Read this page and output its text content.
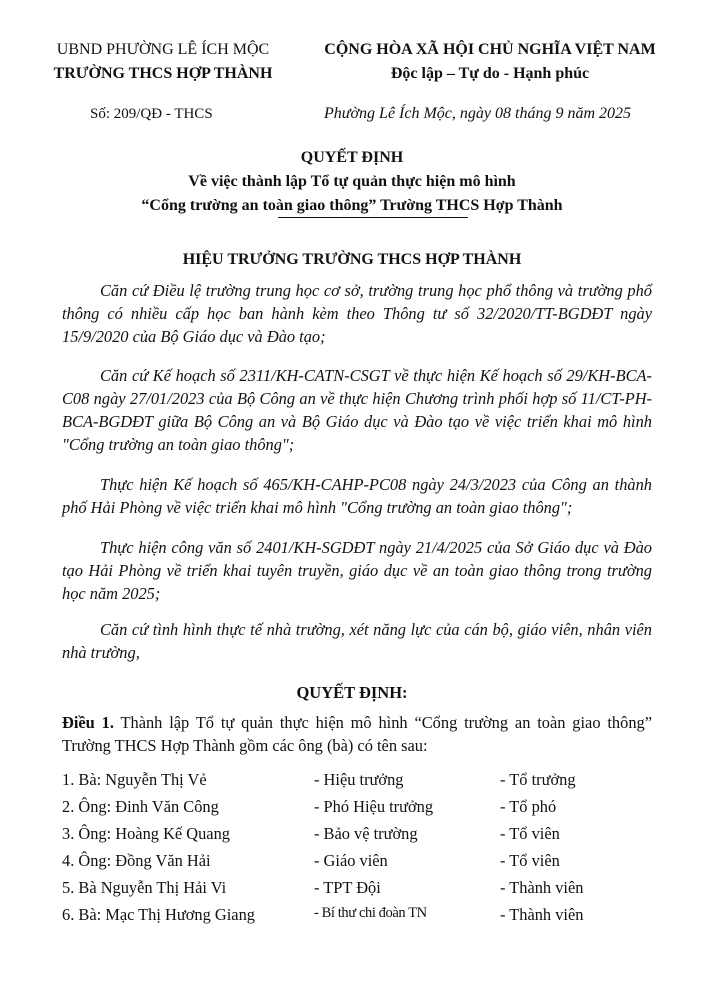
UBND PHƯỜNG LÊ ÍCH MỘC
TRƯỜNG THCS HỢP THÀNH
CỘNG HÒA XÃ HỘI CHỦ NGHĨA VIỆT NAM
Độc lập – Tự do - Hạnh phúc
Số: 209/QĐ - THCS	Phường Lê Ích Mộc, ngày 08 tháng 9 năm 2025
QUYẾT ĐỊNH
Về việc thành lập Tổ tự quản thực hiện mô hình
“Cổng trường an toàn giao thông” Trường THCS Hợp Thành
HIỆU TRƯỞNG TRƯỜNG THCS HỢP THÀNH

Căn cứ Điều lệ trường trung học cơ sở, trường trung học phổ thông và trường phổ thông có nhiều cấp học ban hành kèm theo Thông tư số 32/2020/TT-BGDĐT ngày 15/9/2020 của Bộ Giáo dục và Đào tạo;

Căn cứ Kế hoạch số 2311/KH-CATN-CSGT về thực hiện Kế hoạch số 29/KH-BCA-C08 ngày 27/01/2023 của Bộ Công an về thực hiện Chương trình phối hợp số 11/CT-PH-BCA-BGDĐT giữa Bộ Công an và Bộ Giáo dục và Đào tạo về việc triển khai mô hình "Cổng trường an toàn giao thông";

Thực hiện Kế hoạch số 465/KH-CAHP-PC08 ngày 24/3/2023 của Công an thành phố Hải Phòng về việc triển khai mô hình "Cổng trường an toàn giao thông";

Thực hiện công văn số 2401/KH-SGDĐT ngày 21/4/2025 của Sở Giáo dục và Đào tạo Hải Phòng về triển khai tuyên truyền, giáo dục về an toàn giao thông trong trường học năm 2025;

Căn cứ tình hình thực tế nhà trường, xét năng lực của cán bộ, giáo viên, nhân viên nhà trường,

QUYẾT ĐỊNH:
Điều 1. Thành lập Tổ tự quản thực hiện mô hình “Cổng trường an toàn giao thông” Trường THCS Hợp Thành gồm các ông (bà) có tên sau:
1. Bà: Nguyễn Thị Vẻ	- Hiệu trưởng	- Tổ trưởng
2. Ông: Đinh Văn Công	- Phó Hiệu trưởng	- Tổ phó
3. Ông: Hoàng Kế Quang	- Bảo vệ trường	- Tổ viên
4. Ông: Đồng Văn Hải	- Giáo viên	- Tổ viên
5. Bà Nguyễn Thị Hải Vi	- TPT Đội	- Thành viên
6. Bà: Mạc Thị Hương Giang	- Bí thư chi đoàn TN	- Thành viên
